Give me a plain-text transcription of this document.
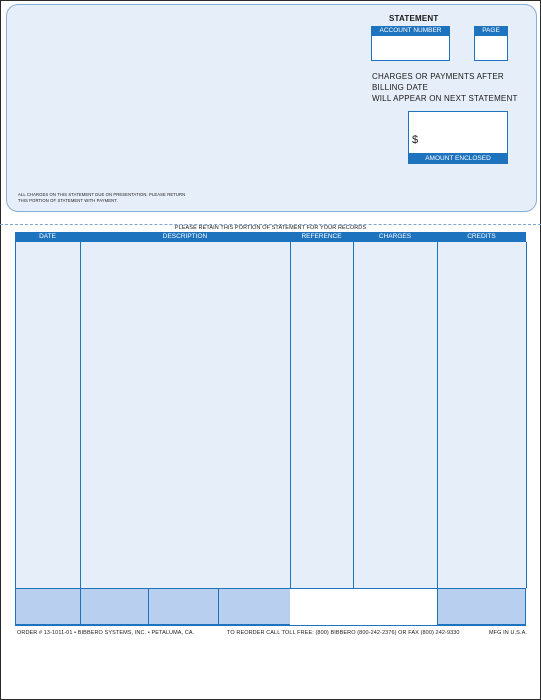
STATEMENT
ACCOUNT NUMBER	PAGE
CHARGES OR PAYMENTS AFTER
BILLING DATE
WILL APPEAR ON NEXT STATEMENT
$
AMOUNT ENCLOSED
ALL CHARGES ON THIS STATEMENT DUE ON PRESENTATION. PLEASE RETURN
THIS PORTION OF STATEMENT WITH PAYMENT.
PLEASE RETAIN THIS PORTION OF STATEMENT FOR YOUR RECORDS
DATE	DESCRIPTION	REFERENCE	CHARGES	CREDITS
ORDER # 13-1011-01 • BIBBERO SYSTEMS, INC. • PETALUMA, CA.	TO REORDER CALL TOLL FREE: (800) BIBBERO (800-242-2376) OR FAX (800) 242-9330	MFG IN U.S.A.
